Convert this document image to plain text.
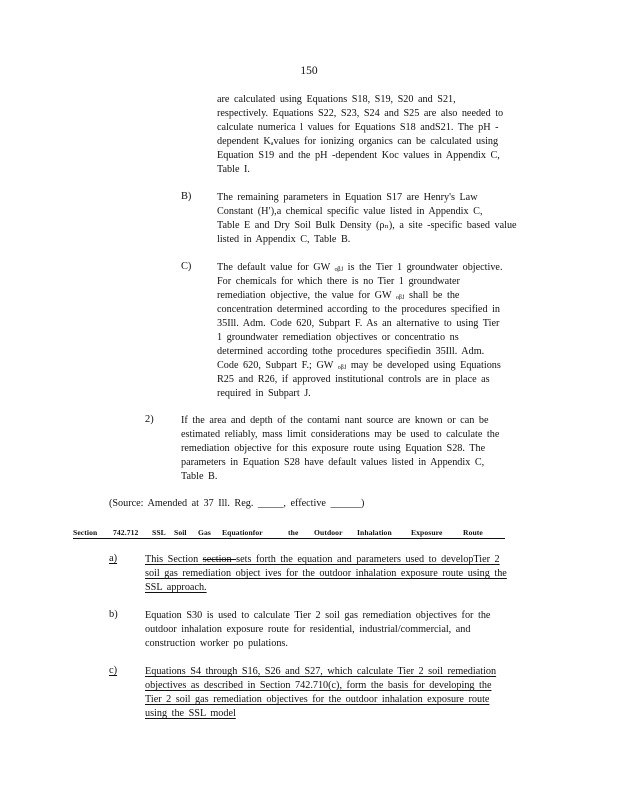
150
are calculated using Equations S18, S19, S20 and S21,
respectively. Equations S22, S23, S24 and S25 are also needed to
calculate numerica l values for Equations S18 andS21. The pH -
dependent Kₐvalues for ionizing organics can be calculated using
Equation S19 and the pH -dependent Koc values in Appendix C,
Table I.
B)	The remaining parameters in Equation S17 are Henry's Law
Constant (H′),a chemical specific value listed in Appendix C,
Table E and Dry Soil Bulk Density (ρₙ), a site -specific based value
listed in Appendix C, Table B.
C)	The default value for GW ₒᵦⱼ is the Tier 1 groundwater objective.
For chemicals for which there is no Tier 1 groundwater
remediation objective, the value for GW ₒᵦⱼ shall be the
concentration determined according to the procedures specified in
35Ill. Adm. Code 620, Subpart F. As an alternative to using Tier
1 groundwater remediation objectives or concentratio ns
determined according tothe procedures specifiedin 35Ill. Adm.
Code 620, Subpart F.; GW ₒᵦⱼ may be developed using Equations
R25 and R26, if approved institutional controls are in place as
required in Subpart J.
2)	If the area and depth of the contami nant source are known or can be
estimated reliably, mass limit considerations may be used to calculate the
remediation objective for this exposure route using Equation S28. The
parameters in Equation S28 have default values listed in Appendix C,
Table B.
(Source: Amended at 37 Ill. Reg. _____, effective ______)
Section 742.712 SSL Soil Gas Equationfor	the Outdoor Inhalation	Exposure	Route
a)	This Section section sets forth the equation and parameters used to developTier 2
soil gas remediation object ives for the outdoor inhalation exposure route using the
SSL approach.
b)	Equation S30 is used to calculate Tier 2 soil gas remediation objectives for the
outdoor inhalation exposure route for residential, industrial/commercial, and
construction worker po pulations.
c)	Equations S4 through S16, S26 and S27, which calculate Tier 2 soil remediation
objectives as described in Section 742.710(c), form the basis for developing the
Tier 2 soil gas remediation objectives for the outdoor inhalation exposure route
using the SSL model
